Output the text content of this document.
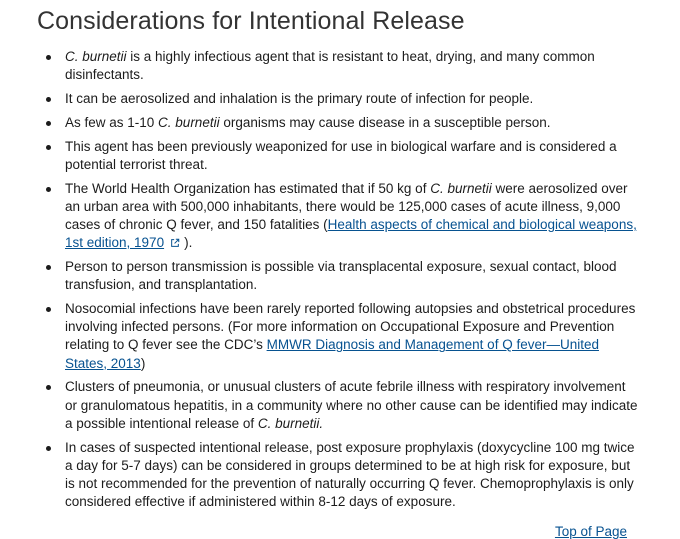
Considerations for Intentional Release
C. burnetii is a highly infectious agent that is resistant to heat, drying, and many common disinfectants.
It can be aerosolized and inhalation is the primary route of infection for people.
As few as 1-10 C. burnetii organisms may cause disease in a susceptible person.
This agent has been previously weaponized for use in biological warfare and is considered a potential terrorist threat.
The World Health Organization has estimated that if 50 kg of C. burnetii were aerosolized over an urban area with 500,000 inhabitants, there would be 125,000 cases of acute illness, 9,000 cases of chronic Q fever, and 150 fatalities (Health aspects of chemical and biological weapons, 1st edition, 1970 ).
Person to person transmission is possible via transplacental exposure, sexual contact, blood transfusion, and transplantation.
Nosocomial infections have been rarely reported following autopsies and obstetrical procedures involving infected persons. (For more information on Occupational Exposure and Prevention relating to Q fever see the CDC’s MMWR Diagnosis and Management of Q fever—United States, 2013)
Clusters of pneumonia, or unusual clusters of acute febrile illness with respiratory involvement or granulomatous hepatitis, in a community where no other cause can be identified may indicate a possible intentional release of C. burnetii.
In cases of suspected intentional release, post exposure prophylaxis (doxycycline 100 mg twice a day for 5-7 days) can be considered in groups determined to be at high risk for exposure, but is not recommended for the prevention of naturally occurring Q fever. Chemoprophylaxis is only considered effective if administered within 8-12 days of exposure.
Top of Page
